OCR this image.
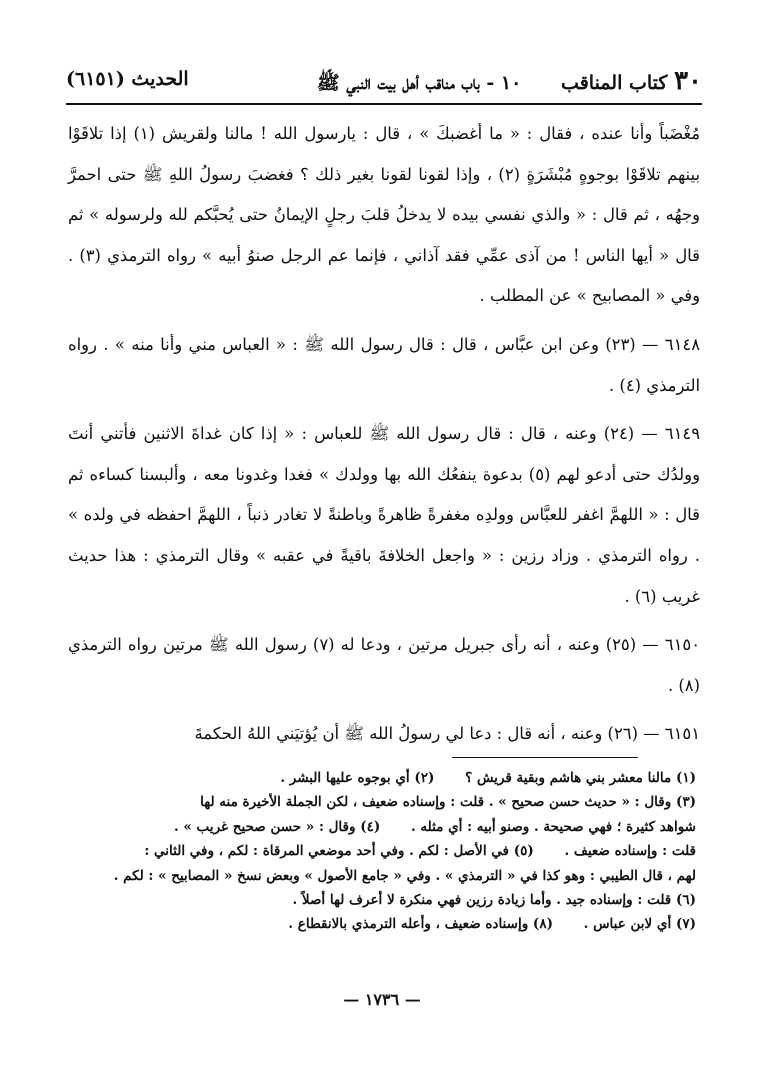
٣٠ كتاب المناقب      ١٠ - باب مناقب أهل بيت النبي ﷺ
الحديث (٦١٥١)

مُغْضَباً وأنا عنده ، فقال : « ما أغضبكَ » ، قال : يارسول الله ! مالنا ولقريش (١) إذا تلاقَوْا بينهم تلاقَوْا بوجوهٍ مُبْشَرَةٍ (٢) ، وإذا لقونا لقونا بغير ذلك ؟ فغضبَ رسولُ اللهِ ﷺ حتى احمرَّ وجهُه ، ثم قال : « والذي نفسي بيده لا يدخلُ قلبَ رجلٍ الإيمانُ حتى يُحبَّكم لله ولرسوله » ثم قال « أيها الناس ! من آذى عمِّي فقد آذاني ، فإنما عم الرجل صنوُ أبيه » رواه الترمذي (٣) . وفي « المصابيح » عن المطلب .

٦١٤٨ — (٢٣) وعن ابن عبَّاس ، قال : قال رسول الله ﷺ : « العباس مني وأنا منه » . رواه الترمذي (٤) .

٦١٤٩ — (٢٤) وعنه ، قال : قال رسول الله ﷺ للعباس : « إذا كان غداةَ الاثنين فأتني أنتَ وولدُك حتى أدعو لهم (٥) بدعوة ينفعُك الله بها وولدك » فغدا وغدونا معه ، وألبسنا كساءه ثم قال : « اللهمَّ اغفر للعبَّاس وولدِه مغفرةً ظاهرةً وباطنةً لا تغادر ذنباً ، اللهمَّ احفظه في ولده » . رواه الترمذي . وزاد رزين : « واجعل الخلافةَ باقيةً في عقبه » وقال الترمذي : هذا حديث غريب (٦) .

٦١٥٠ — (٢٥) وعنه ، أنه رأى جبريل مرتين ، ودعا له (٧) رسول الله ﷺ مرتين رواه الترمذي (٨) .

٦١٥١ — (٢٦) وعنه ، أنه قال : دعا لي رسولُ الله ﷺ أن يُؤتيَني اللهُ الحكمةَ

(١) مالنا معشر بني هاشم وبقية قريش ؟ (٢) أي بوجوه عليها البشر .
(٣) وقال : « حديث حسن صحيح » . قلت : وإسناده ضعيف ، لكن الجملة الأخيرة منه لها
شواهد كثيرة ؛ فهي صحيحة . وصنو أبيه : أي مثله . (٤) وقال : « حسن صحيح غريب » .
قلت : وإسناده ضعيف . (٥) في الأصل : لكم . وفي أحد موضعي المرقاة : لكم ، وفي الثاني :
لهم ، قال الطيبي : وهو كذا في « الترمذي » . وفي « جامع الأصول » وبعض نسخ « المصابيح » : لكم .
(٦) قلت : وإسناده جيد . وأما زيادة رزين فهي منكرة لا أعرف لها أصلاً .
(٧) أي لابن عباس . (٨) وإسناده ضعيف ، وأعله الترمذي بالانقطاع .
— ١٧٣٦ —
